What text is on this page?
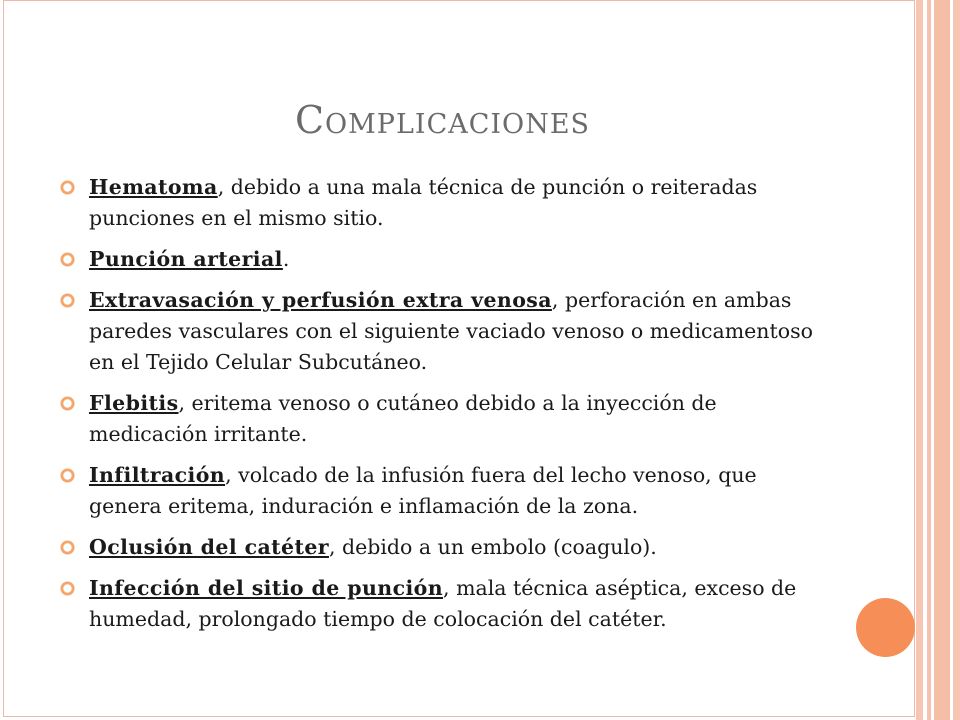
Complicaciones
Hematoma, debido a una mala técnica de punción o reiteradas punciones en el mismo sitio.
Punción arterial.
Extravasación y perfusión extra venosa, perforación en ambas paredes vasculares con el siguiente vaciado venoso o medicamentoso en el Tejido Celular Subcutáneo.
Flebitis, eritema venoso o cutáneo debido a la inyección de medicación irritante.
Infiltración, volcado de la infusión fuera del lecho venoso, que genera eritema, induración e inflamación de la zona.
Oclusión del catéter, debido a un embolo (coagulo).
Infección del sitio de punción, mala técnica aséptica, exceso de humedad, prolongado tiempo de colocación del catéter.
